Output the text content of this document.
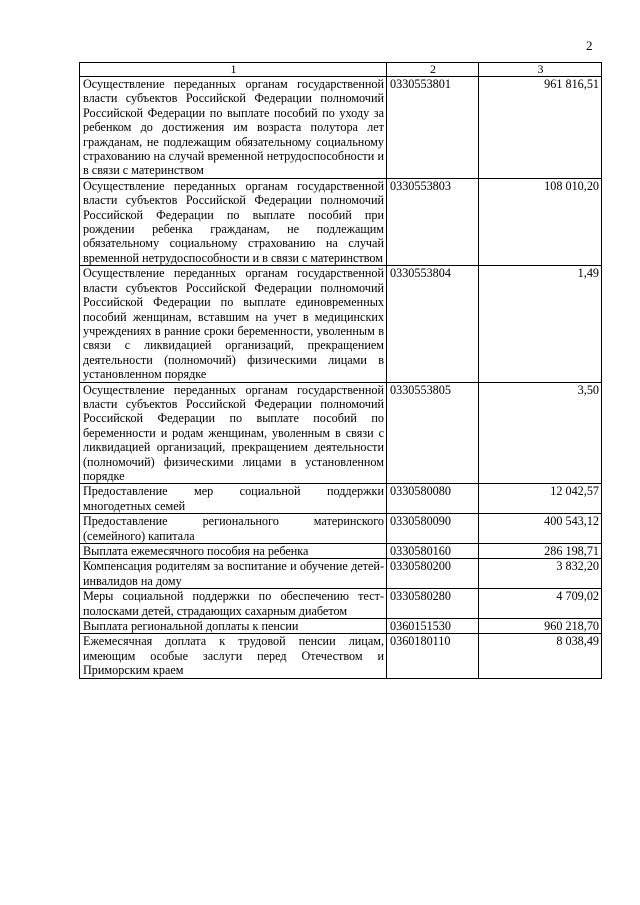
2
1	2	3
Осуществление переданных органам государственной власти субъектов Российской Федерации полномочий Российской Федерации по выплате пособий по уходу за ребенком до достижения им возраста полутора лет гражданам, не подлежащим обязательному социальному страхованию на случай временной нетрудоспособности и в связи с материнством	0330553801	961 816,51
Осуществление переданных органам государственной власти субъектов Российской Федерации полномочий Российской Федерации по выплате пособий при рождении ребенка гражданам, не подлежащим обязательному социальному страхованию на случай временной нетрудоспособности и в связи с материнством	0330553803	108 010,20
Осуществление переданных органам государственной власти субъектов Российской Федерации полномочий Российской Федерации по выплате единовременных пособий женщинам, вставшим на учет в медицинских учреждениях в ранние сроки беременности, уволенным в связи с ликвидацией организаций, прекращением деятельности (полномочий) физическими лицами в установленном порядке	0330553804	1,49
Осуществление переданных органам государственной власти субъектов Российской Федерации полномочий Российской Федерации по выплате пособий по беременности и родам женщинам, уволенным в связи с ликвидацией организаций, прекращением деятельности (полномочий) физическими лицами в установленном порядке	0330553805	3,50
Предоставление мер социальной поддержки многодетных семей	0330580080	12 042,57
Предоставление регионального материнского (семейного) капитала	0330580090	400 543,12
Выплата ежемесячного пособия на ребенка	0330580160	286 198,71
Компенсация родителям за воспитание и обучение детей-инвалидов на дому	0330580200	3 832,20
Меры социальной поддержки по обеспечению тест-полосками детей, страдающих сахарным диабетом	0330580280	4 709,02
Выплата региональной доплаты к пенсии	0360151530	960 218,70
Ежемесячная доплата к трудовой пенсии лицам, имеющим особые заслуги перед Отечеством и Приморским краем	0360180110	8 038,49
